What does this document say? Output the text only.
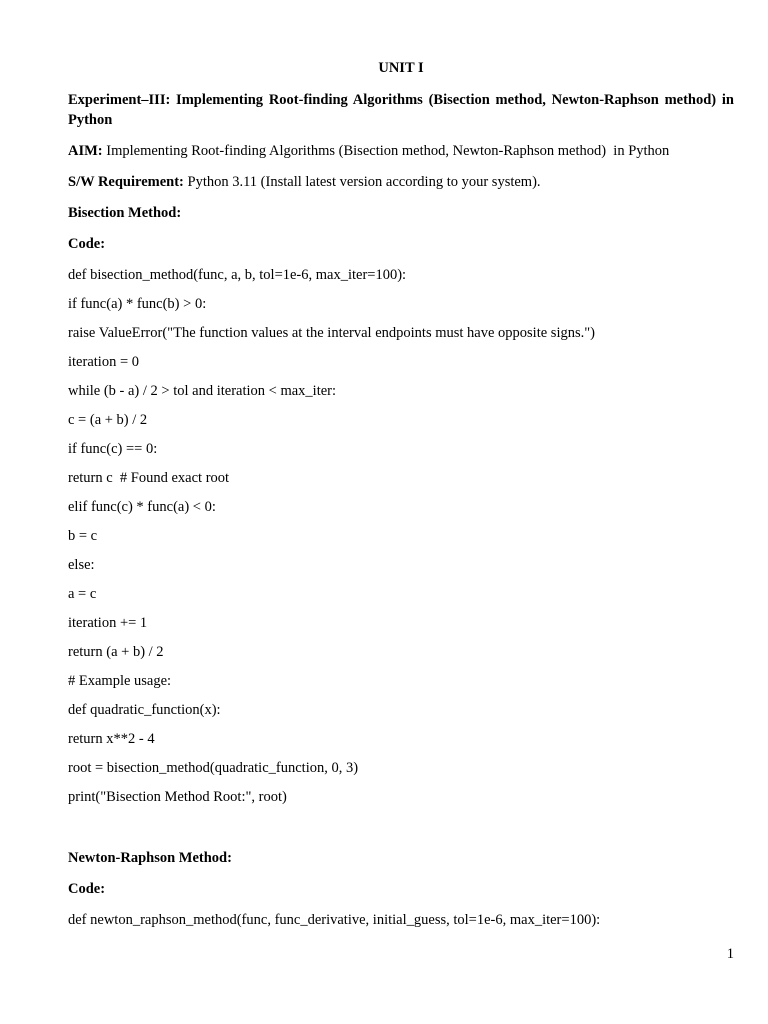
UNIT I
Experiment–III: Implementing Root-finding Algorithms (Bisection method, Newton-Raphson method) in Python
AIM: Implementing Root-finding Algorithms (Bisection method, Newton-Raphson method)  in Python
S/W Requirement: Python 3.11 (Install latest version according to your system).
Bisection Method:
Code:
def bisection_method(func, a, b, tol=1e-6, max_iter=100):
if func(a) * func(b) > 0:
raise ValueError("The function values at the interval endpoints must have opposite signs.")
iteration = 0
while (b - a) / 2 > tol and iteration < max_iter:
c = (a + b) / 2
if func(c) == 0:
return c  # Found exact root
elif func(c) * func(a) < 0:
b = c
else:
a = c
iteration += 1
return (a + b) / 2
# Example usage:
def quadratic_function(x):
return x**2 - 4
root = bisection_method(quadratic_function, 0, 3)
print("Bisection Method Root:", root)
Newton-Raphson Method:
Code:
def newton_raphson_method(func, func_derivative, initial_guess, tol=1e-6, max_iter=100):
1
